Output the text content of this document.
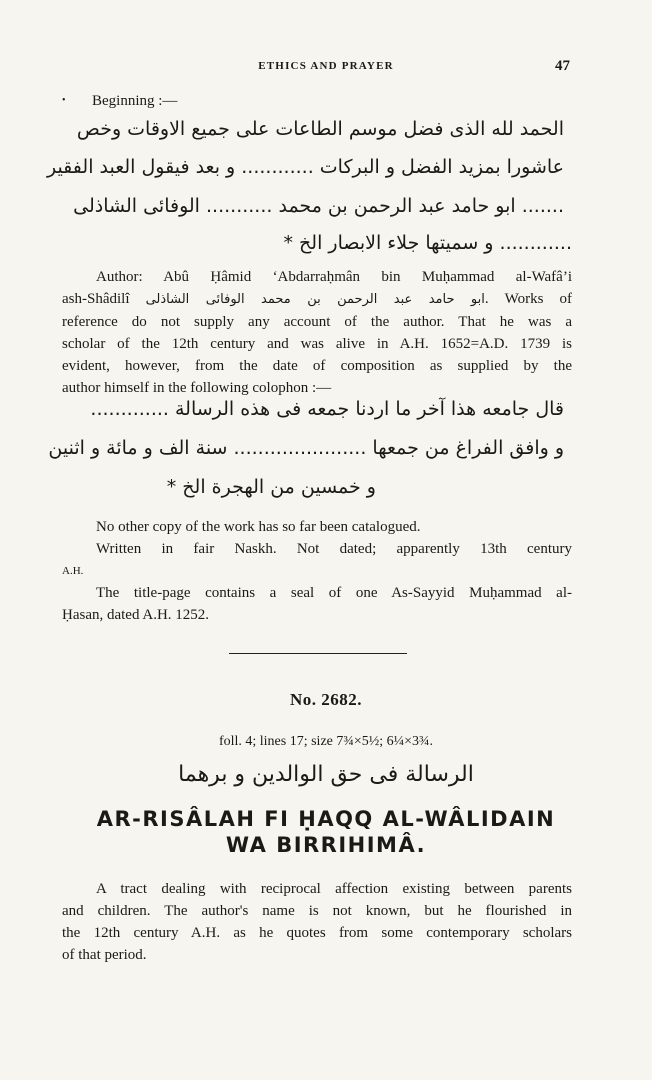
ETHICS AND PRAYER	47
• Beginning :—
الحمد لله الذى فضل موسم الطاعات على جميع الاوقات وخص
عاشورا بمزيد الفضل و البركات ............ و بعد فيقول العبد الفقير
....... ابو حامد عبد الرحمن بن محمد ........... الوفائى الشاذلى
............ و سميتها جلاء الابصار الخ *
Author: Abû Ḥâmid ‘Abdarraḥmân bin Muḥammad al-Wafâ’i
ash-Shâdilî ابو حامد عبد الرحمن بن محمد الوفائى الشاذلى. Works of
reference do not supply any account of the author. That he was a
scholar of the 12th century and was alive in A.H. 1652=A.D. 1739 is
evident, however, from the date of composition as supplied by the
author himself in the following colophon :—
قال جامعه هذا آخر ما اردنا جمعه فى هذه الرسالة .............
و وافق الفراغ من جمعها ...................... سنة الف و مائة و اثنين
و خمسين من الهجرة الخ *
No other copy of the work has so far been catalogued.
Written in fair Naskh. Not dated; apparently 13th century
A.H.
The title-page contains a seal of one As-Sayyid Muḥammad al-
Ḥasan, dated A.H. 1252.
No. 2682.
foll. 4; lines 17; size 7¾×5½; 6¼×3¾.
الرسالة فى حق الوالدين و برهما
AR-RISÂLAH FI ḤAQQ AL-WÂLIDAIN
WA BIRRIHIMÂ.
A tract dealing with reciprocal affection existing between parents
and children. The author's name is not known, but he flourished in
the 12th century A.H. as he quotes from some contemporary scholars
of that period.
